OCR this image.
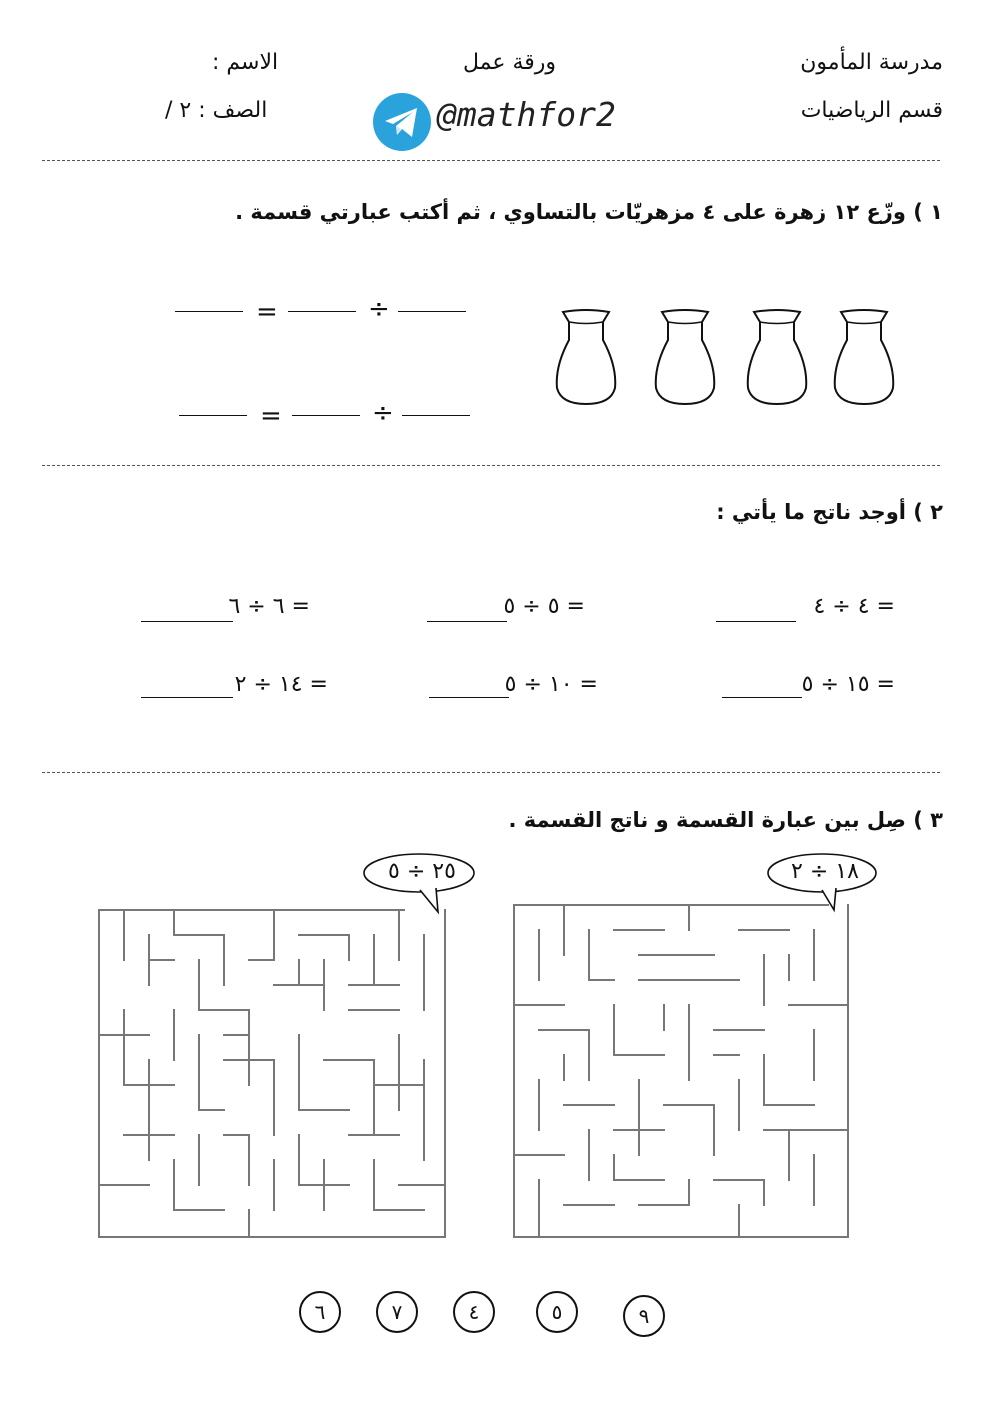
مدرسة المأمون
قسم الرياضيات
ورقة عمل
الاسم :
الصف : ٢ /	@mathfor2
١ ) وزّع ١٢ زهرة على ٤ مزهريّات بالتساوي ، ثم أكتب عبارتي قسمة .
=	÷
=	÷
٢ ) أوجد ناتج ما يأتي :
٤ ÷ ٤ =
٥ ÷ ٥ =
٦ ÷ ٦ =
١٥ ÷ ٥ =
١٠ ÷ ٥ =
١٤ ÷ ٢ =
٣ ) صِل بين عبارة القسمة و ناتج القسمة .
١٨ ÷ ٢
٢٥ ÷ ٥
٩
٥
٤
٧
٦
